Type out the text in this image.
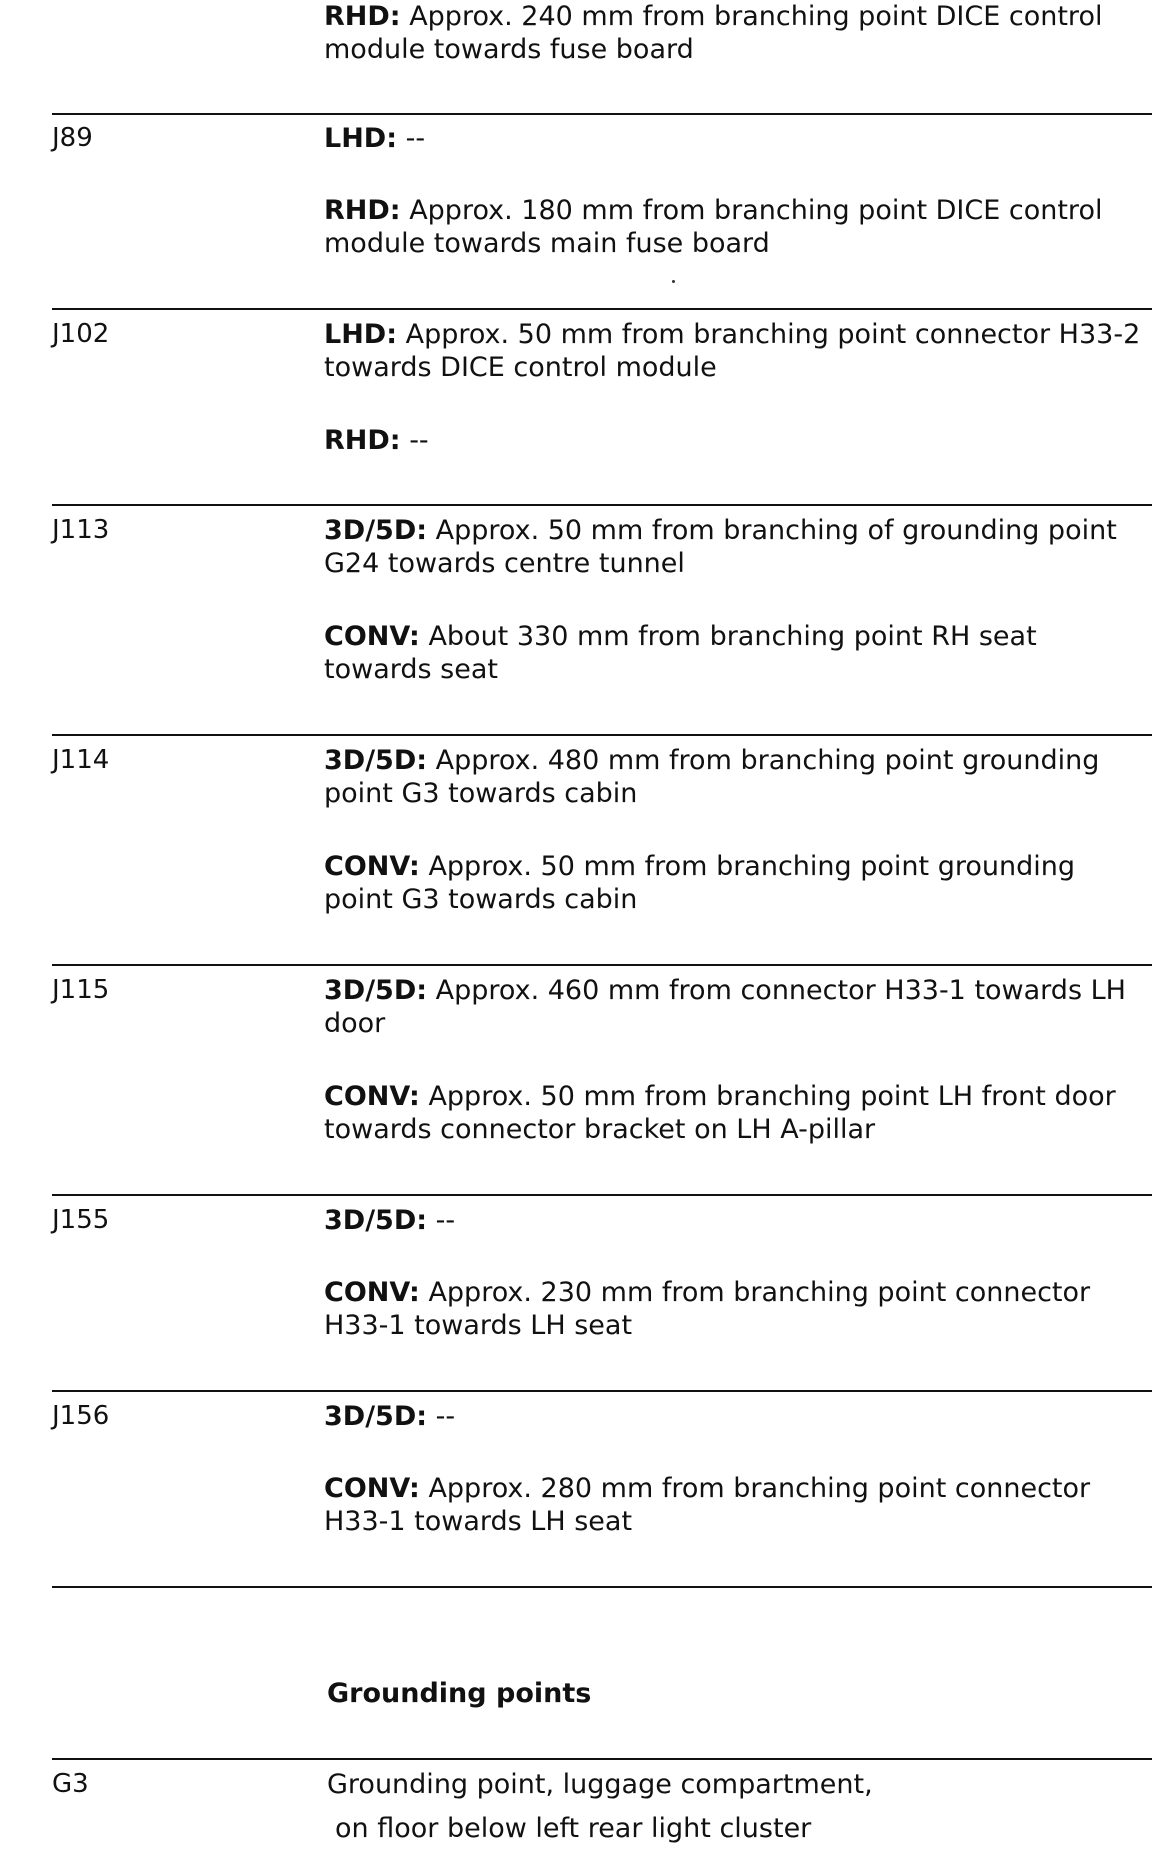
RHD: Approx. 240 mm from branching point DICE control module towards fuse board
J89	LHD: --
RHD: Approx. 180 mm from branching point DICE control module towards main fuse board
J102	LHD: Approx. 50 mm from branching point connector H33-2 towards DICE control module
RHD: --
J113	3D/5D: Approx. 50 mm from branching of grounding point G24 towards centre tunnel
CONV: About 330 mm from branching point RH seat towards seat
J114	3D/5D: Approx. 480 mm from branching point grounding point G3 towards cabin
CONV: Approx. 50 mm from branching point grounding point G3 towards cabin
J115	3D/5D: Approx. 460 mm from connector H33-1 towards LH door
CONV: Approx. 50 mm from branching point LH front door towards connector bracket on LH A-pillar
J155	3D/5D: --
CONV: Approx. 230 mm from branching point connector H33-1 towards LH seat
J156	3D/5D: --
CONV: Approx. 280 mm from branching point connector H33-1 towards LH seat
Grounding points
G3	Grounding point, luggage compartment,
on floor below left rear light cluster
